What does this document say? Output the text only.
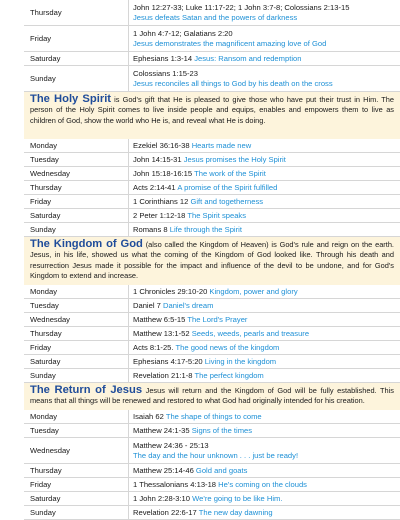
Thursday	John 12:27-33; Luke 11:17-22; 1 John 3:7-8; Colossians 2:13-15
Jesus defeats Satan and the powers of darkness

Friday	1 John 4:7-12; Galatians 2:20
Jesus demonstrates the magnificent amazing love of God

Saturday	Ephesians 1:3-14 Jesus: Ransom and redemption
Sunday	Colossians 1:15-23
Jesus reconciles all things to God by his death on the cross
The Holy Spirit is God's gift that He is pleased to give those who have put their trust in Him. The person of the Holy Spirit comes to live inside people and equips, enables and empowers them to live as children of God, show the world who He is, and reveal what He is doing.
Monday	Ezekiel 36:16-38 Hearts made new
Tuesday	John 14:15-31 Jesus promises the Holy Spirit
Wednesday	John 15:18-16:15 The work of the Spirit
Thursday	Acts 2:14-41 A promise of the Spirit fulfilled
Friday	1 Corinthians 12 Gift and togetherness
Saturday	2 Peter 1:12-18 The Spirit speaks
Sunday	Romans 8 Life through the Spirit
The Kingdom of God (also called the Kingdom of Heaven) is God's rule and reign on the earth. Jesus, in his life, showed us what the coming of the Kingdom of God looked like. Through his death and resurrection Jesus made it possible for the impact and influence of the devil to be undone, and for God's Kingdom to extend and increase.
Monday	1 Chronicles 29:10-20 Kingdom, power and glory
Tuesday	Daniel 7 Daniel's dream
Wednesday	Matthew 6:5-15 The Lord's Prayer
Thursday	Matthew 13:1-52 Seeds, weeds, pearls and treasure
Friday	Acts 8:1-25. The good news of the kingdom
Saturday	Ephesians 4:17-5:20 Living in the kingdom
Sunday	Revelation 21:1-8 The perfect kingdom
The Return of Jesus Jesus will return and the Kingdom of God will be fully established. This means that all things will be renewed and restored to what God had originally intended for his creation.
Monday	Isaiah 62 The shape of things to come
Tuesday	Matthew 24:1-35 Signs of the times
Wednesday	Matthew 24:36 - 25:13
The day and the hour unknown . . . just be ready!

Thursday	Matthew 25:14-46 Gold and goats
Friday	1 Thessalonians 4:13-18 He's coming on the clouds
Saturday	1 John 2:28-3:10 We're going to be like Him.
Sunday	Revelation 22:6-17 The new day dawning
